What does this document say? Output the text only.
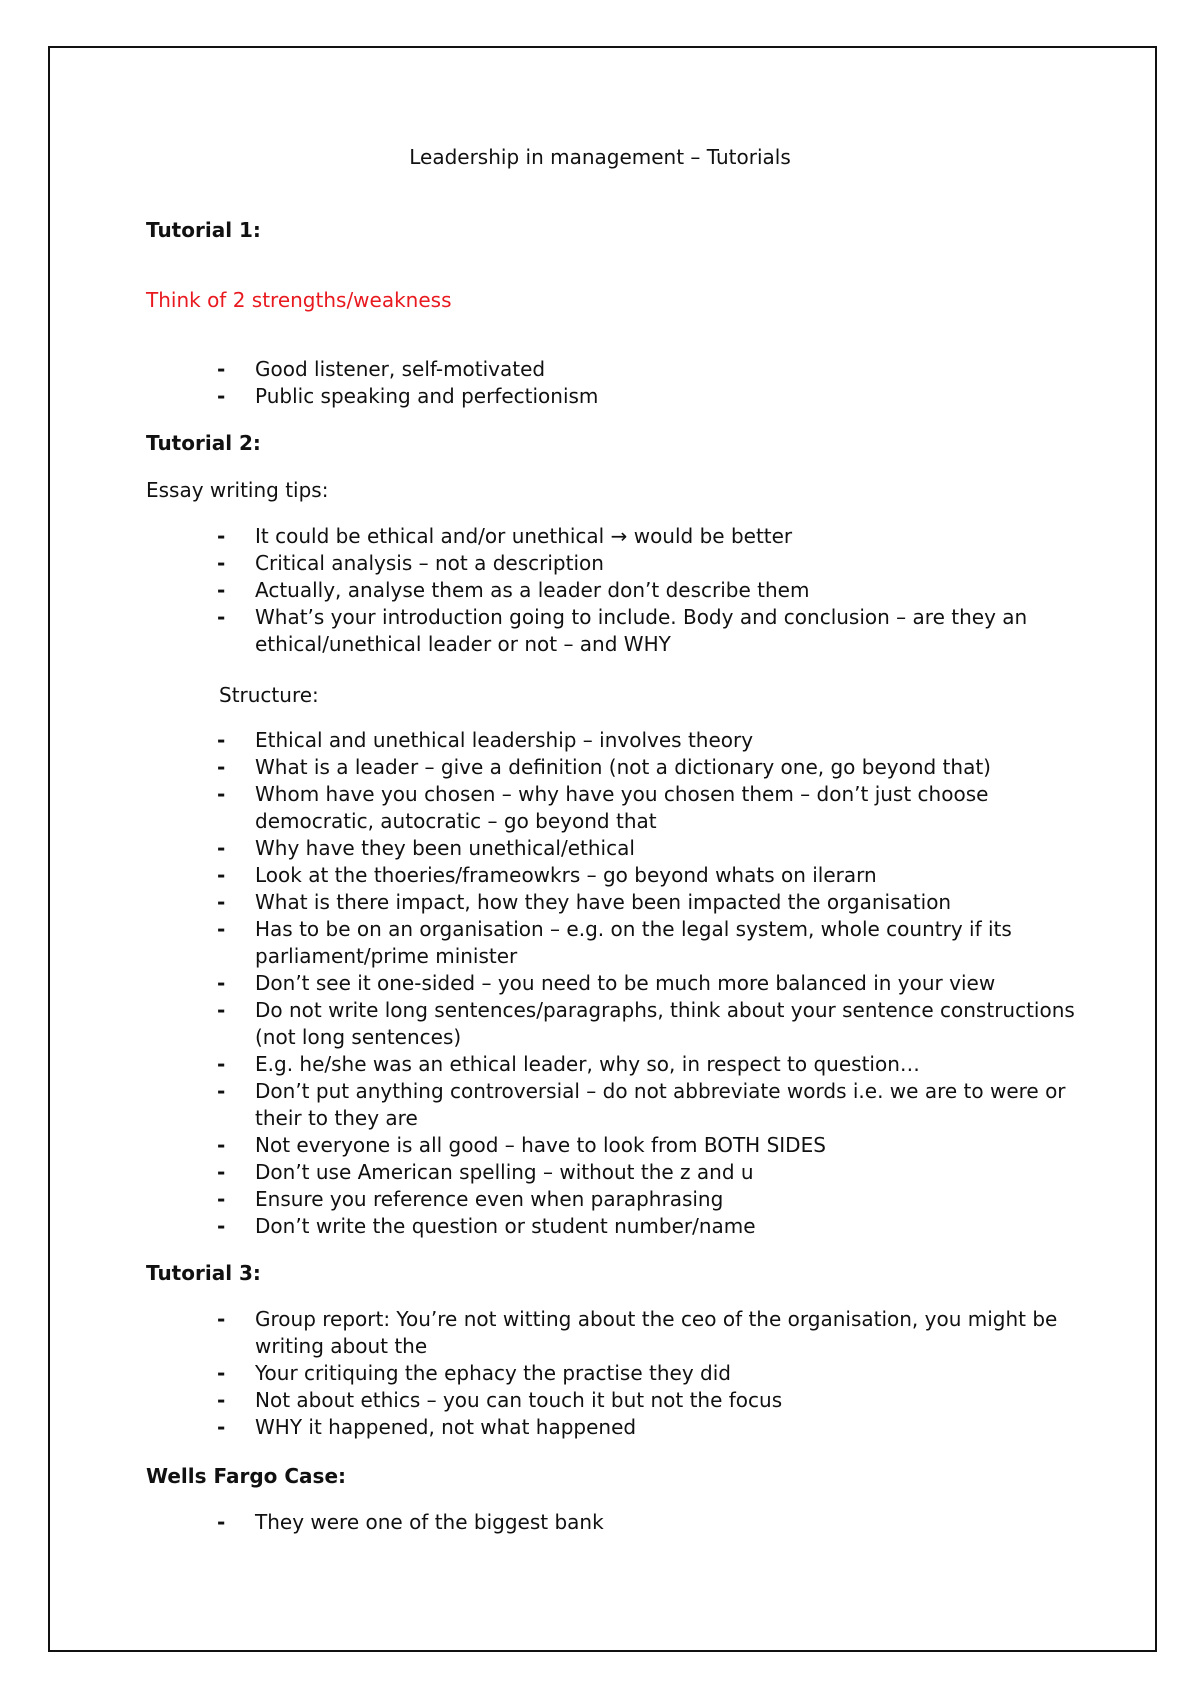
Leadership in management – Tutorials
Tutorial 1:
Think of 2 strengths/weakness
- Good listener, self-motivated
- Public speaking and perfectionism
Tutorial 2:
Essay writing tips:
- It could be ethical and/or unethical → would be better
- Critical analysis – not a description
- Actually, analyse them as a leader don’t describe them
- What’s your introduction going to include. Body and conclusion – are they an ethical/unethical leader or not – and WHY
Structure:
- Ethical and unethical leadership – involves theory
- What is a leader – give a definition (not a dictionary one, go beyond that)
- Whom have you chosen – why have you chosen them – don’t just choose democratic, autocratic – go beyond that
- Why have they been unethical/ethical
- Look at the thoeries/frameowkrs – go beyond whats on ilerarn
- What is there impact, how they have been impacted the organisation
- Has to be on an organisation – e.g. on the legal system, whole country if its parliament/prime minister
- Don’t see it one-sided – you need to be much more balanced in your view
- Do not write long sentences/paragraphs, think about your sentence constructions (not long sentences)
- E.g. he/she was an ethical leader, why so, in respect to question…
- Don’t put anything controversial – do not abbreviate words i.e. we are to were or their to they are
- Not everyone is all good – have to look from BOTH SIDES
- Don’t use American spelling – without the z and u
- Ensure you reference even when paraphrasing
- Don’t write the question or student number/name
Tutorial 3:
- Group report: You’re not witting about the ceo of the organisation, you might be writing about the
- Your critiquing the ephacy the practise they did
- Not about ethics – you can touch it but not the focus
- WHY it happened, not what happened
Wells Fargo Case:
- They were one of the biggest bank
